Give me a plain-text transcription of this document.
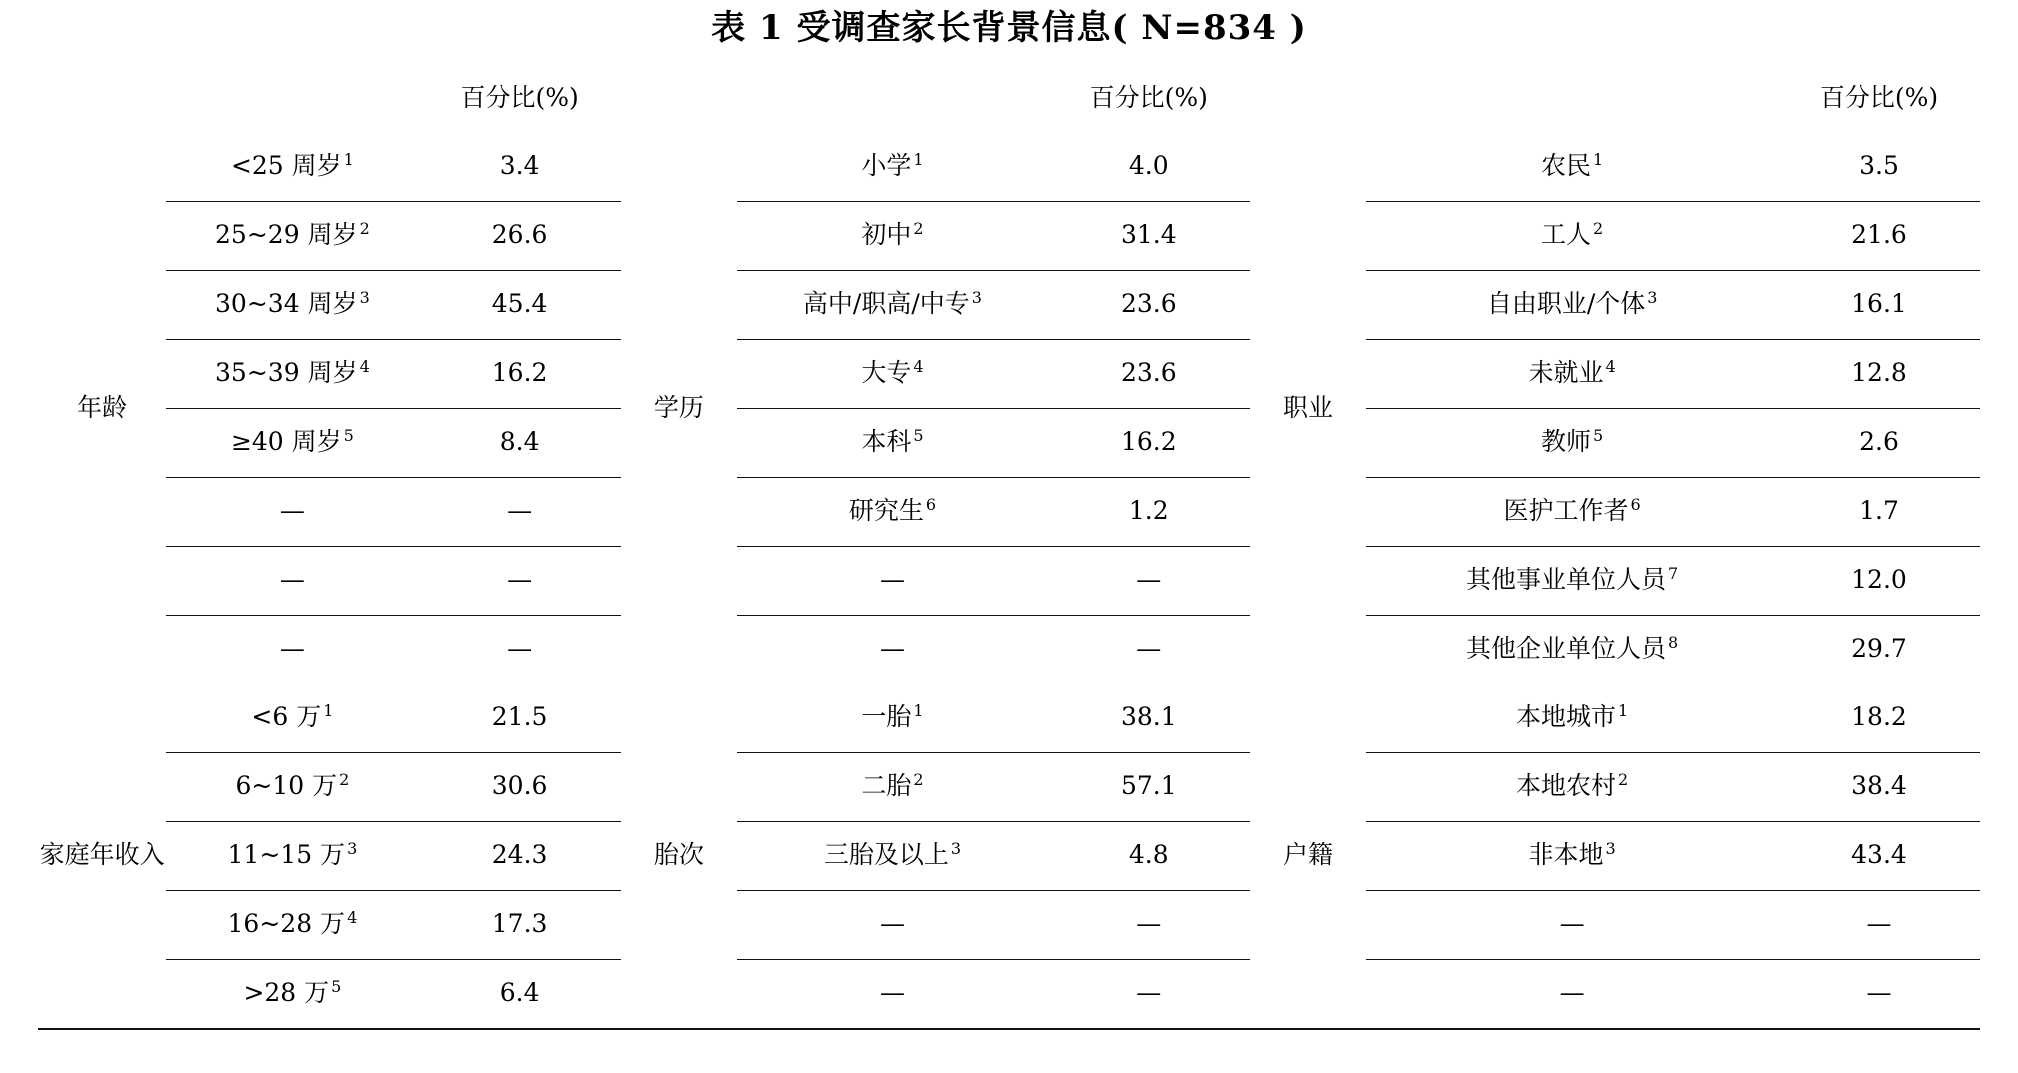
表 1 受调查家长背景信息( N=834 )
		百分比(%)			百分比(%)			百分比(%)
年龄	<25 周岁 $^1$	3.4	学历	小学 $^1$	4.0	职业	农民 $^1$	3.5
	25~29 周岁 $^2$	26.6		初中 $^2$	31.4		工人 $^2$	21.6
	30~34 周岁 $^3$	45.4		高中/职高/中专 $^3$	23.6		自由职业/个体 $^3$	16.1
	35~39 周岁 $^4$	16.2		大专 $^4$	23.6		未就业 $^4$	12.8
	≥40 周岁 $^5$	8.4		本科 $^5$	16.2		教师 $^5$	2.6
	—	—		研究生 $^6$	1.2		医护工作者 $^6$	1.7
	—	—		—	—		其他事业单位人员 $^7$	12.0
	—	—		—	—		其他企业单位人员 $^8$	29.7
家庭年收入	<6 万 $^1$	21.5	胎次	一胎 $^1$	38.1	户籍	本地城市 $^1$	18.2
	6~10 万 $^2$	30.6		二胎 $^2$	57.1		本地农村 $^2$	38.4
	11~15 万 $^3$	24.3		三胎及以上 $^3$	4.8		非本地 $^3$	43.4
	16~28 万 $^4$	17.3		—	—		—	—
	>28 万 $^5$	6.4		—	—		—	—
